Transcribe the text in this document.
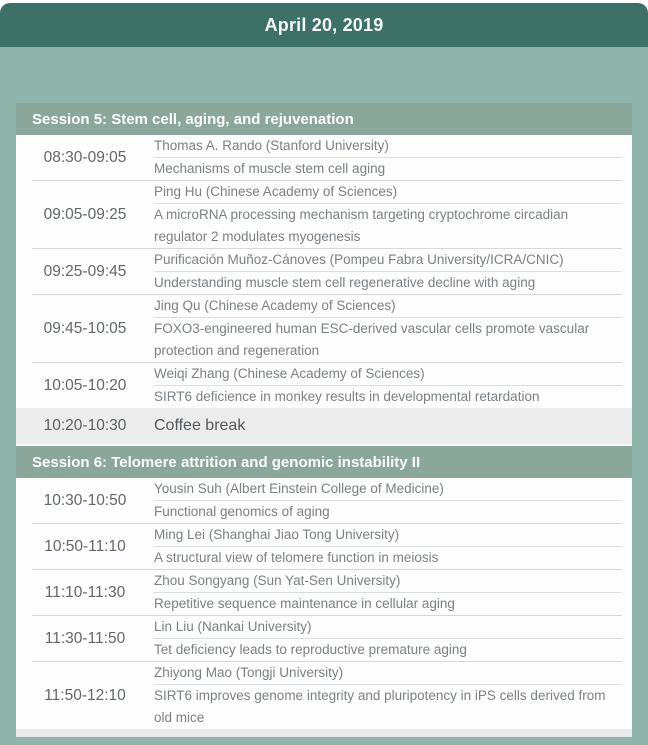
April 20, 2019
Session 5: Stem cell, aging, and rejuvenation
08:30-09:05
Thomas A. Rando (Stanford University)
Mechanisms of muscle stem cell aging
09:05-09:25
Ping Hu (Chinese Academy of Sciences)
A microRNA processing mechanism targeting cryptochrome circadian regulator 2 modulates myogenesis
09:25-09:45
Purificación Muñoz-Cánoves (Pompeu Fabra University/ICRA/CNIC)
Understanding muscle stem cell regenerative decline with aging
09:45-10:05
Jing Qu (Chinese Academy of Sciences)
FOXO3-engineered human ESC-derived vascular cells promote vascular protection and regeneration
10:05-10:20
Weiqi Zhang (Chinese Academy of Sciences)
SIRT6 deficience in monkey results in developmental retardation
10:20-10:30	Coffee break
Session 6: Telomere attrition and genomic instability II
10:30-10:50
Yousin Suh (Albert Einstein College of Medicine)
Functional genomics of aging
10:50-11:10
Ming Lei (Shanghai Jiao Tong University)
A structural view of telomere function in meiosis
11:10-11:30
Zhou Songyang (Sun Yat-Sen University)
Repetitive sequence maintenance in cellular aging
11:30-11:50
Lin Liu (Nankai University)
Tet deficiency leads to reproductive premature aging
11:50-12:10
Zhiyong Mao (Tongji University)
SIRT6 improves genome integrity and pluripotency in iPS cells derived from old mice
